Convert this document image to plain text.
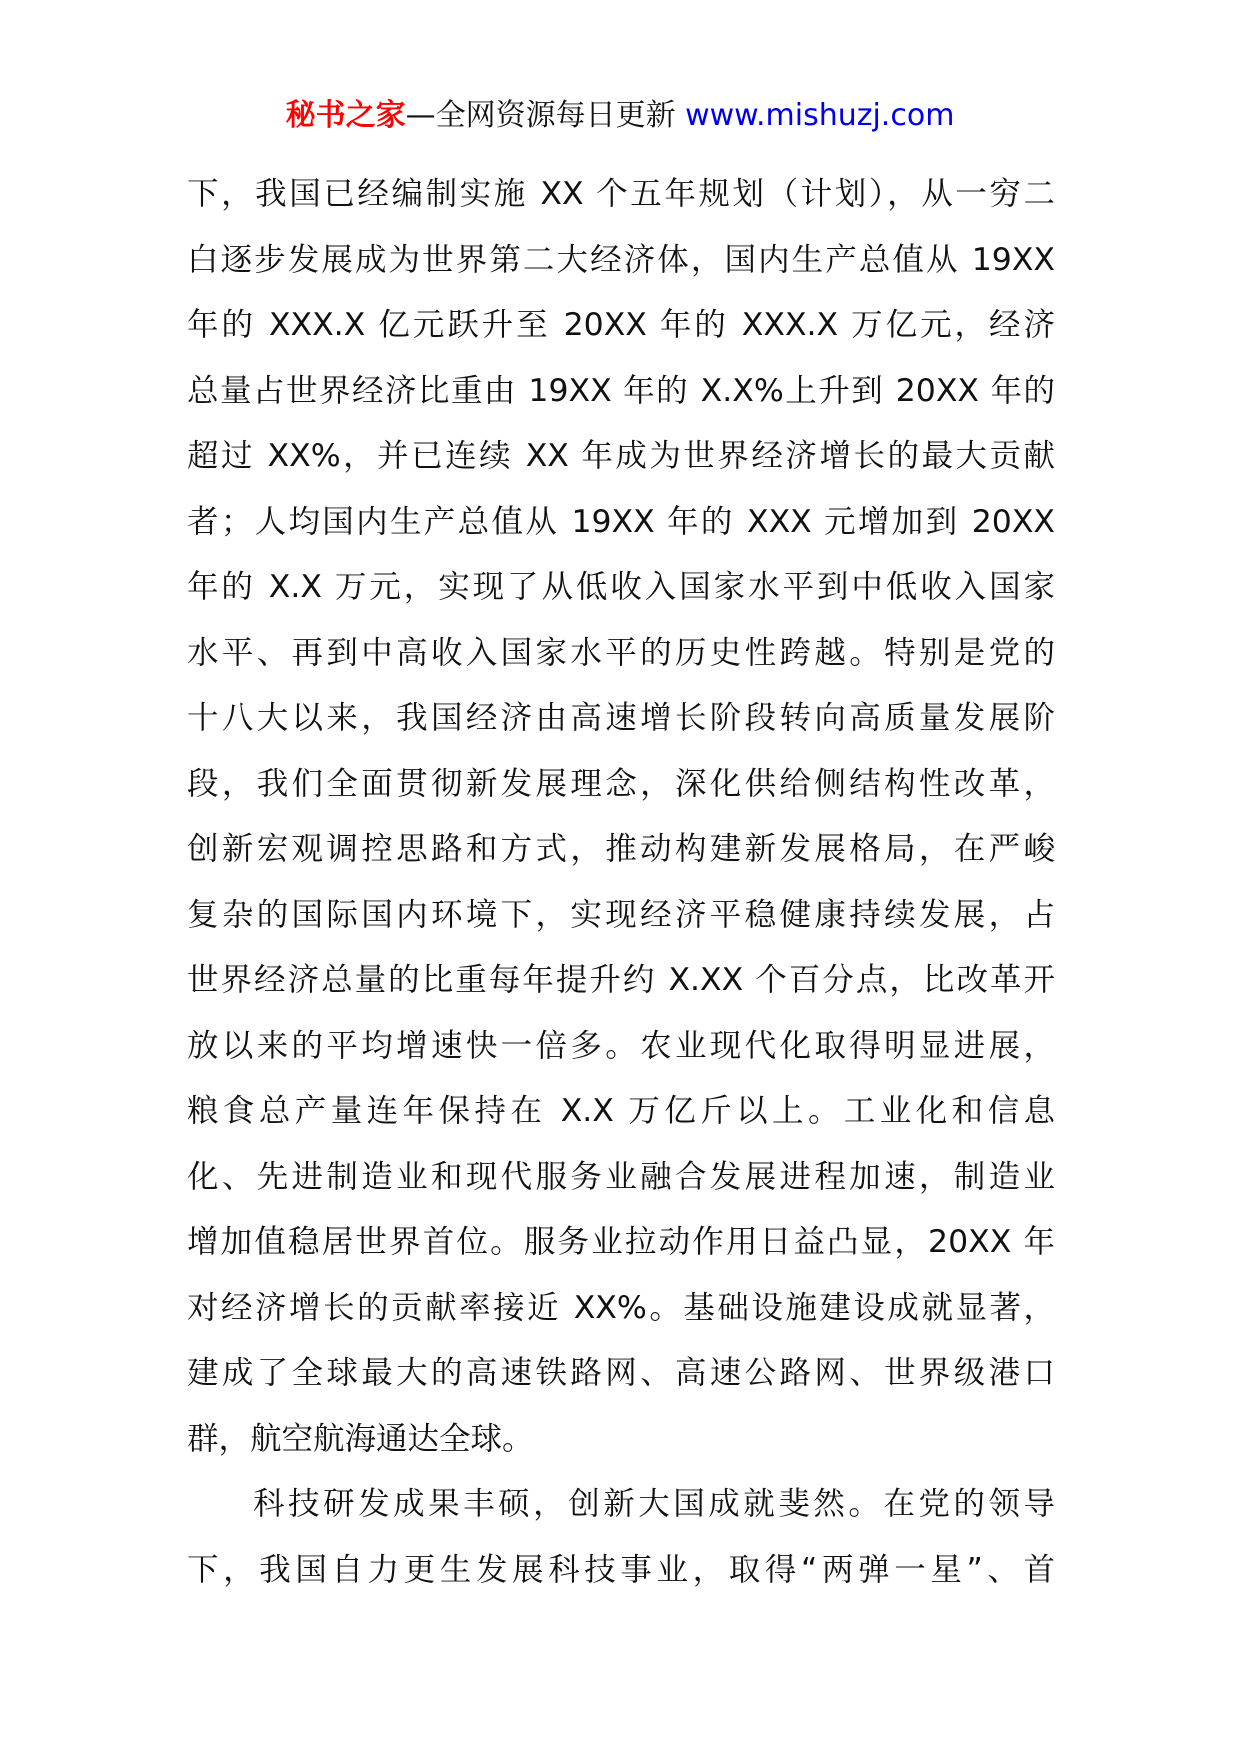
秘书之家—全网资源每日更新 www.mishuzj.com
下，我国已经编制实施 XX 个五年规划（计划），从一穷二
白逐步发展成为世界第二大经济体，国内生产总值从 19XX
年的 XXX.X 亿元跃升至 20XX 年的 XXX.X 万亿元，经济
总量占世界经济比重由 19XX 年的 X.X%上升到 20XX 年的
超过 XX%，并已连续 XX 年成为世界经济增长的最大贡献
者；人均国内生产总值从 19XX 年的 XXX 元增加到 20XX
年的 X.X 万元，实现了从低收入国家水平到中低收入国家
水平、再到中高收入国家水平的历史性跨越。特别是党的
十八大以来，我国经济由高速增长阶段转向高质量发展阶
段，我们全面贯彻新发展理念，深化供给侧结构性改革，
创新宏观调控思路和方式，推动构建新发展格局，在严峻
复杂的国际国内环境下，实现经济平稳健康持续发展，占
世界经济总量的比重每年提升约 X.XX 个百分点，比改革开
放以来的平均增速快一倍多。农业现代化取得明显进展，
粮食总产量连年保持在 X.X 万亿斤以上。工业化和信息
化、先进制造业和现代服务业融合发展进程加速，制造业
增加值稳居世界首位。服务业拉动作用日益凸显，20XX 年
对经济增长的贡献率接近 XX%。基础设施建设成就显著，
建成了全球最大的高速铁路网、高速公路网、世界级港口
群，航空航海通达全球。
科技研发成果丰硕，创新大国成就斐然。在党的领导
下，我国自力更生发展科技事业，取得“两弹一星”、首
